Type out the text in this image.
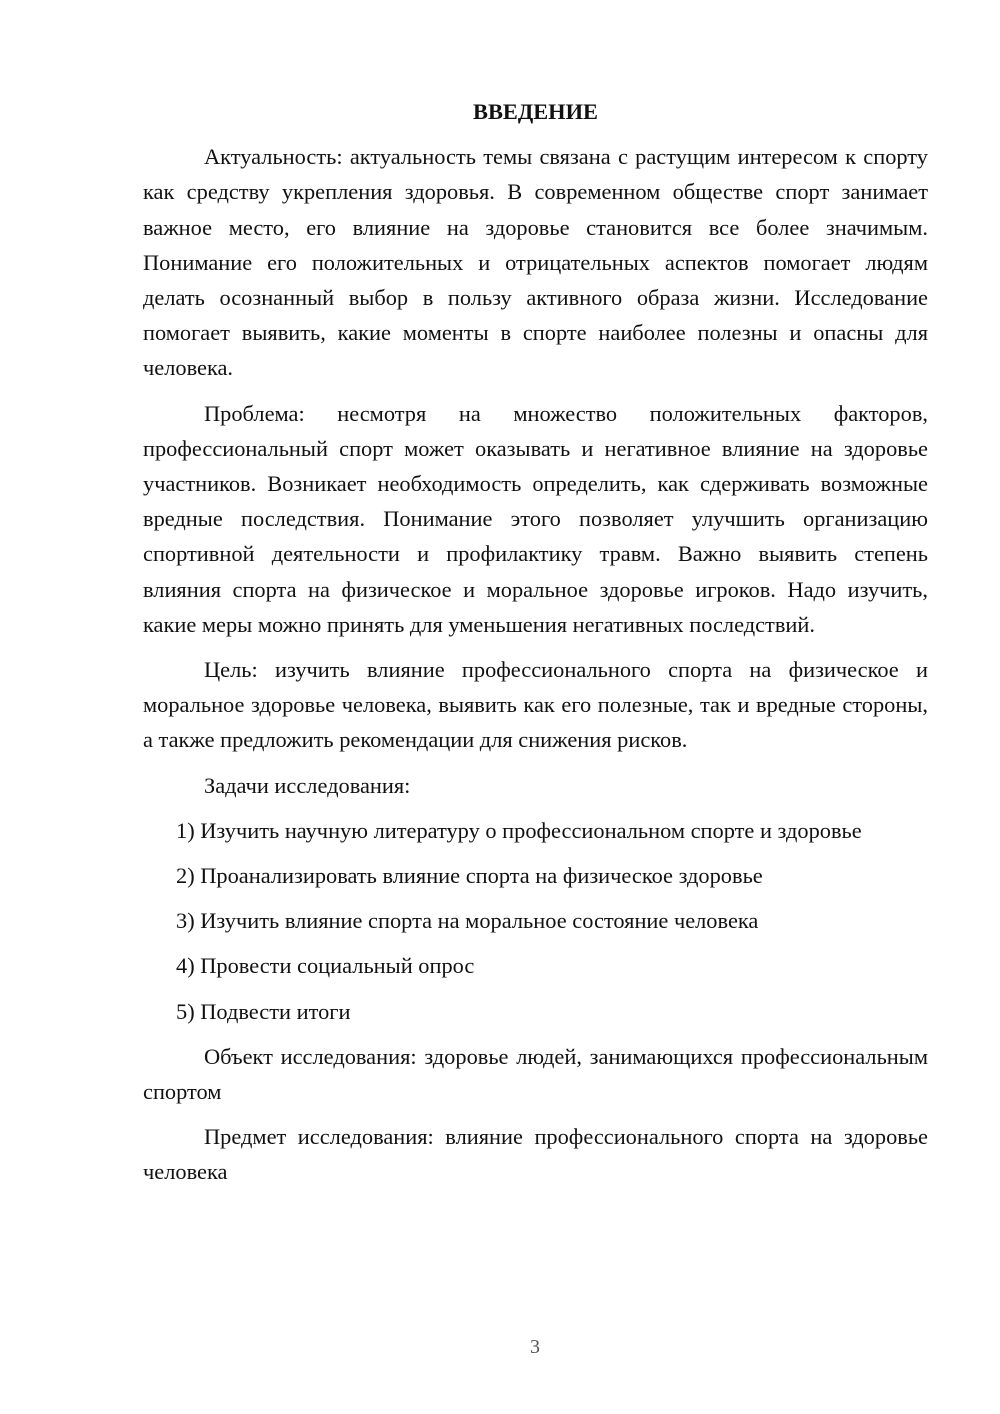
ВВЕДЕНИЕ

Актуальность: актуальность темы связана с растущим интересом к спорту как средству укрепления здоровья. В современном обществе спорт занимает важное место, его влияние на здоровье становится все более значимым. Понимание его положительных и отрицательных аспектов помогает людям делать осознанный выбор в пользу активного образа жизни. Исследование помогает выявить, какие моменты в спорте наиболее полезны и опасны для человека.

Проблема: несмотря на множество положительных факторов, профессиональный спорт может оказывать и негативное влияние на здоровье участников. Возникает необходимость определить, как сдерживать возможные вредные последствия. Понимание этого позволяет улучшить организацию спортивной деятельности и профилактику травм. Важно выявить степень влияния спорта на физическое и моральное здоровье игроков. Надо изучить, какие меры можно принять для уменьшения негативных последствий.

Цель: изучить влияние профессионального спорта на физическое и моральное здоровье человека, выявить как его полезные, так и вредные стороны, а также предложить рекомендации для снижения рисков.

Задачи исследования:

1) Изучить научную литературу о профессиональном спорте и здоровье

2) Проанализировать влияние спорта на физическое здоровье

3) Изучить влияние спорта на моральное состояние человека

4) Провести социальный опрос

5) Подвести итоги

Объект исследования: здоровье людей, занимающихся профессиональным спортом

Предмет исследования: влияние профессионального спорта на здоровье человека

3
